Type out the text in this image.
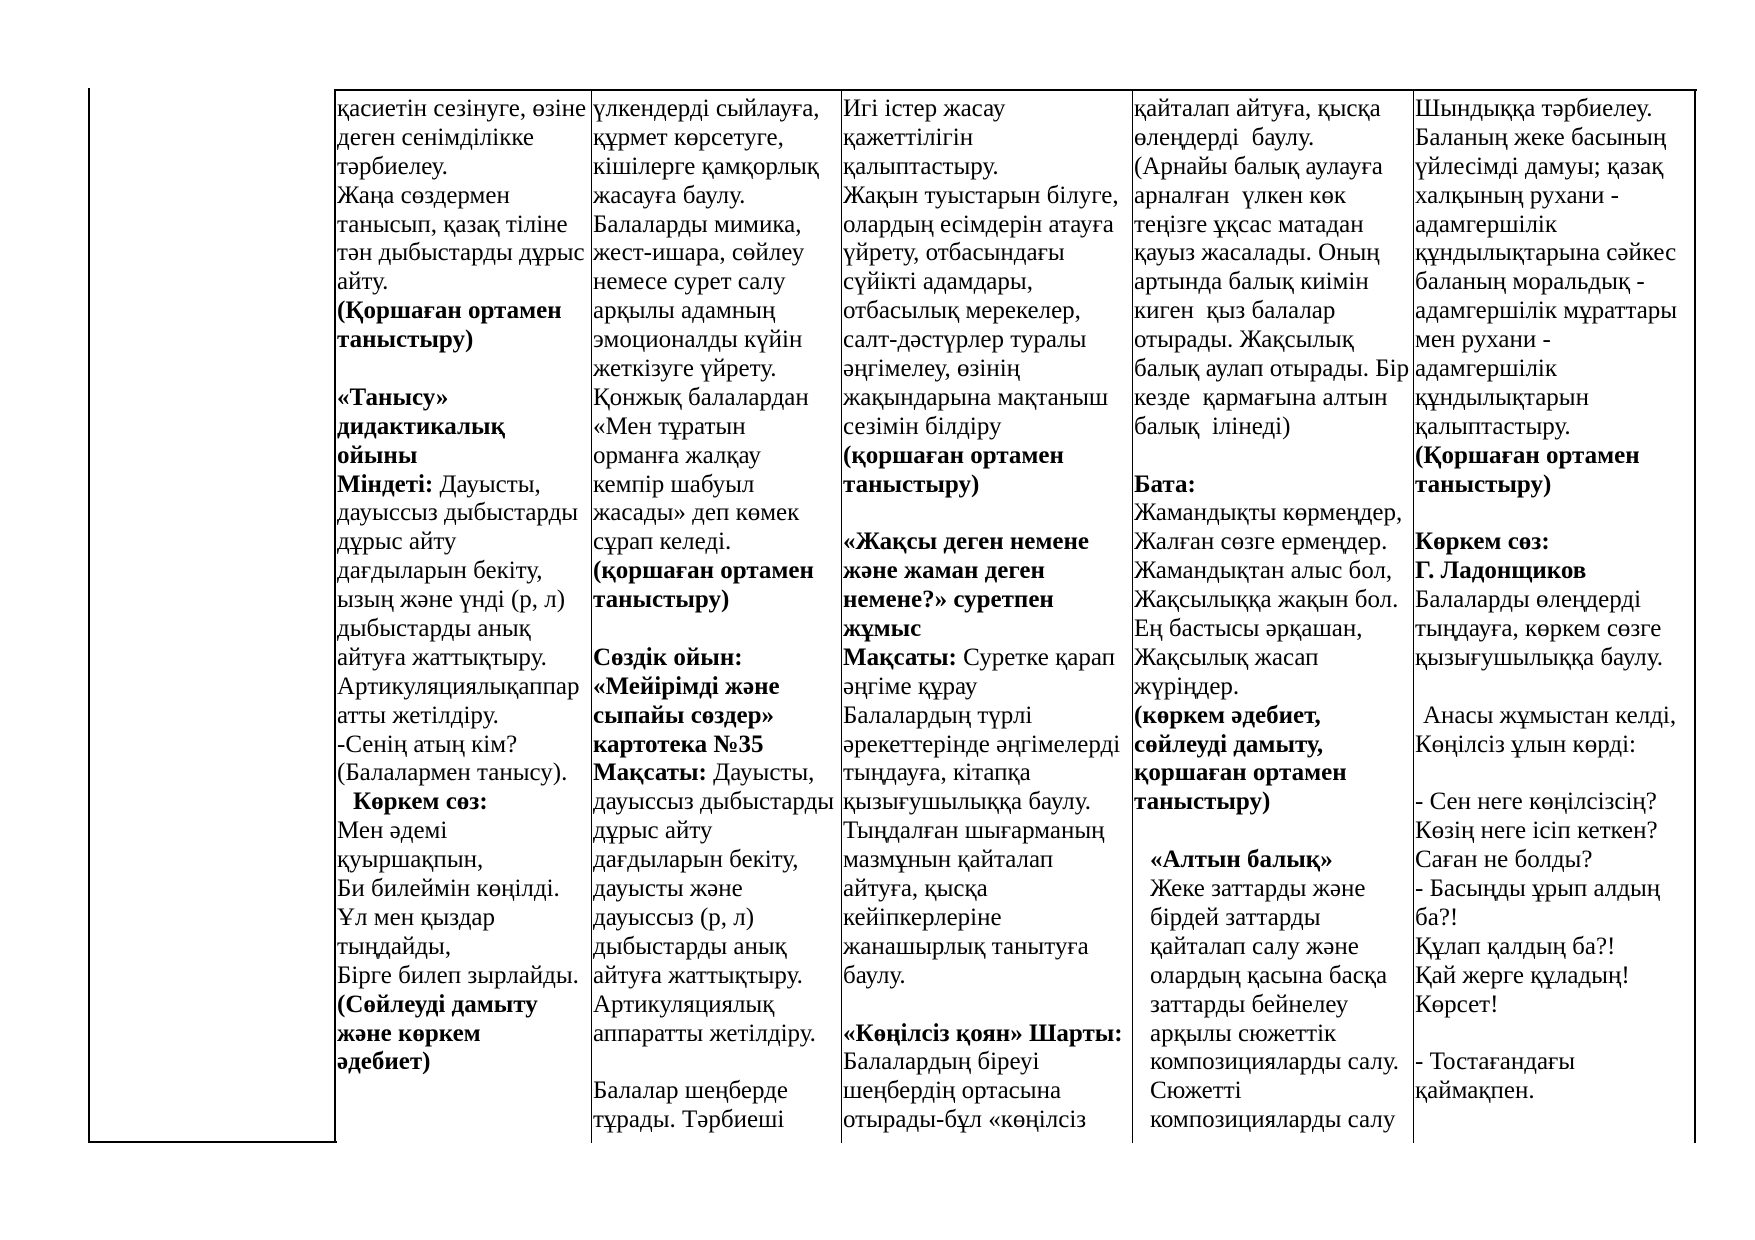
қасиетін сезінуге, өзіне
деген сенімділікке
тәрбиелеу.
Жаңа сөздермен
танысып, қазақ тіліне
тән дыбыстарды дұрыс
айту.
(Қоршаған ортамен
таныстыру)
«Танысу»
дидактикалық
ойыны
Міндеті: Дауысты,
дауыссыз дыбыстарды
дұрыс айту
дағдыларын бекіту,
ызың және үнді (р, л)
дыбыстарды анық
айтуға жаттықтыру.
Артикуляциялықаппар
атты жетілдіру.
-Сенің атың кім?
(Балалармен танысу).
Көркем сөз:
Мен әдемі
қуыршақпын,
Би билеймін көңілді.
Ұл мен қыздар
тыңдайды,
Бірге билеп зырлайды.
(Сөйлеуді дамыту
және көркем
әдебиет)
үлкендерді сыйлауға,
құрмет көрсетуге,
кішілерге қамқорлық
жасауға баулу.
Балаларды мимика,
жест-ишара, сөйлеу
немесе сурет салу
арқылы адамның
эмоционалды күйін
жеткізуге үйрету.
Қонжық балалардан
«Мен тұратын
орманға жалқау
кемпір шабуыл
жасады» деп көмек
сұрап келеді.
(қоршаған ортамен
таныстыру)
Сөздік ойын:
«Мейірімді және
сыпайы сөздер»
картотека №35
Мақсаты: Дауысты,
дауыссыз дыбыстарды
дұрыс айту
дағдыларын бекіту,
дауысты және
дауыссыз (р, л)
дыбыстарды анық
айтуға жаттықтыру.
Артикуляциялық
аппаратты жетілдіру.
Балалар шеңберде
тұрады. Тәрбиеші
Игі істер жасау
қажеттілігін
қалыптастыру.
Жақын туыстарын білуге,
олардың есімдерін атауға
үйрету, отбасындағы
сүйікті адамдары,
отбасылық мерекелер,
салт-дәстүрлер туралы
әңгімелеу, өзінің
жақындарына мақтаныш
сезімін білдіру
(қоршаған ортамен
таныстыру)
«Жақсы деген немене
және жаман деген
немене?» суретпен
жұмыс
Мақсаты: Суретке қарап
әңгіме құрау
Балалардың түрлі
әрекеттерінде әңгімелерді
тыңдауға, кітапқа
қызығушылыққа баулу.
Тыңдалған шығарманың
мазмұнын қайталап
айтуға, қысқа
кейіпкерлеріне
жанашырлық танытуға
баулу.
«Көңілсіз қоян» Шарты:
Балалардың біреуі
шеңбердің ортасына
отырады-бұл «көңілсіз
қайталап айтуға, қысқа
өлеңдерді  баулу.
(Арнайы балық аулауға
арналған  үлкен көк
теңізге ұқсас матадан
қауыз жасалады. Оның
артында балық киімін
киген  қыз балалар
отырады. Жақсылық
балық аулап отырады. Бір
кезде  қармағына алтын
балық  ілінеді)
Бата:
Жамандықты көрмеңдер,
Жалған сөзге ермеңдер.
Жамандықтан алыс бол,
Жақсылыққа жақын бол.
Ең бастысы әрқашан,
Жақсылық жасап
жүріңдер.
(көркем әдебиет,
сөйлеуді дамыту,
қоршаған ортамен
таныстыру)
«Алтын балық»
Жеке заттарды және
бірдей заттарды
қайталап салу және
олардың қасына басқа
заттарды бейнелеу
арқылы сюжеттік
композицияларды салу.
Сюжетті
композицияларды салу
Шындыққа тәрбиелеу.
Баланың жеке басының
үйлесімді дамуы; қазақ
халқының рухани -
адамгершілік
құндылықтарына сәйкес
баланың моральдық -
адамгершілік мұраттары
мен рухани -
адамгершілік
құндылықтарын
қалыптастыру.
(Қоршаған ортамен
таныстыру)
Көркем сөз:
Г. Ладонщиков
Балаларды өлеңдерді
тыңдауға, көркем сөзге
қызығушылыққа баулу.
Анасы жұмыстан келді,
Көңілсіз ұлын көрді:
- Сен неге көңілсізсің?
Көзің неге ісіп кеткен?
Саған не болды?
- Басыңды ұрып алдың
ба?!
Құлап қалдың ба?!
Қай жерге құладың!
Көрсет!
- Тостағандағы
қаймақпен.
